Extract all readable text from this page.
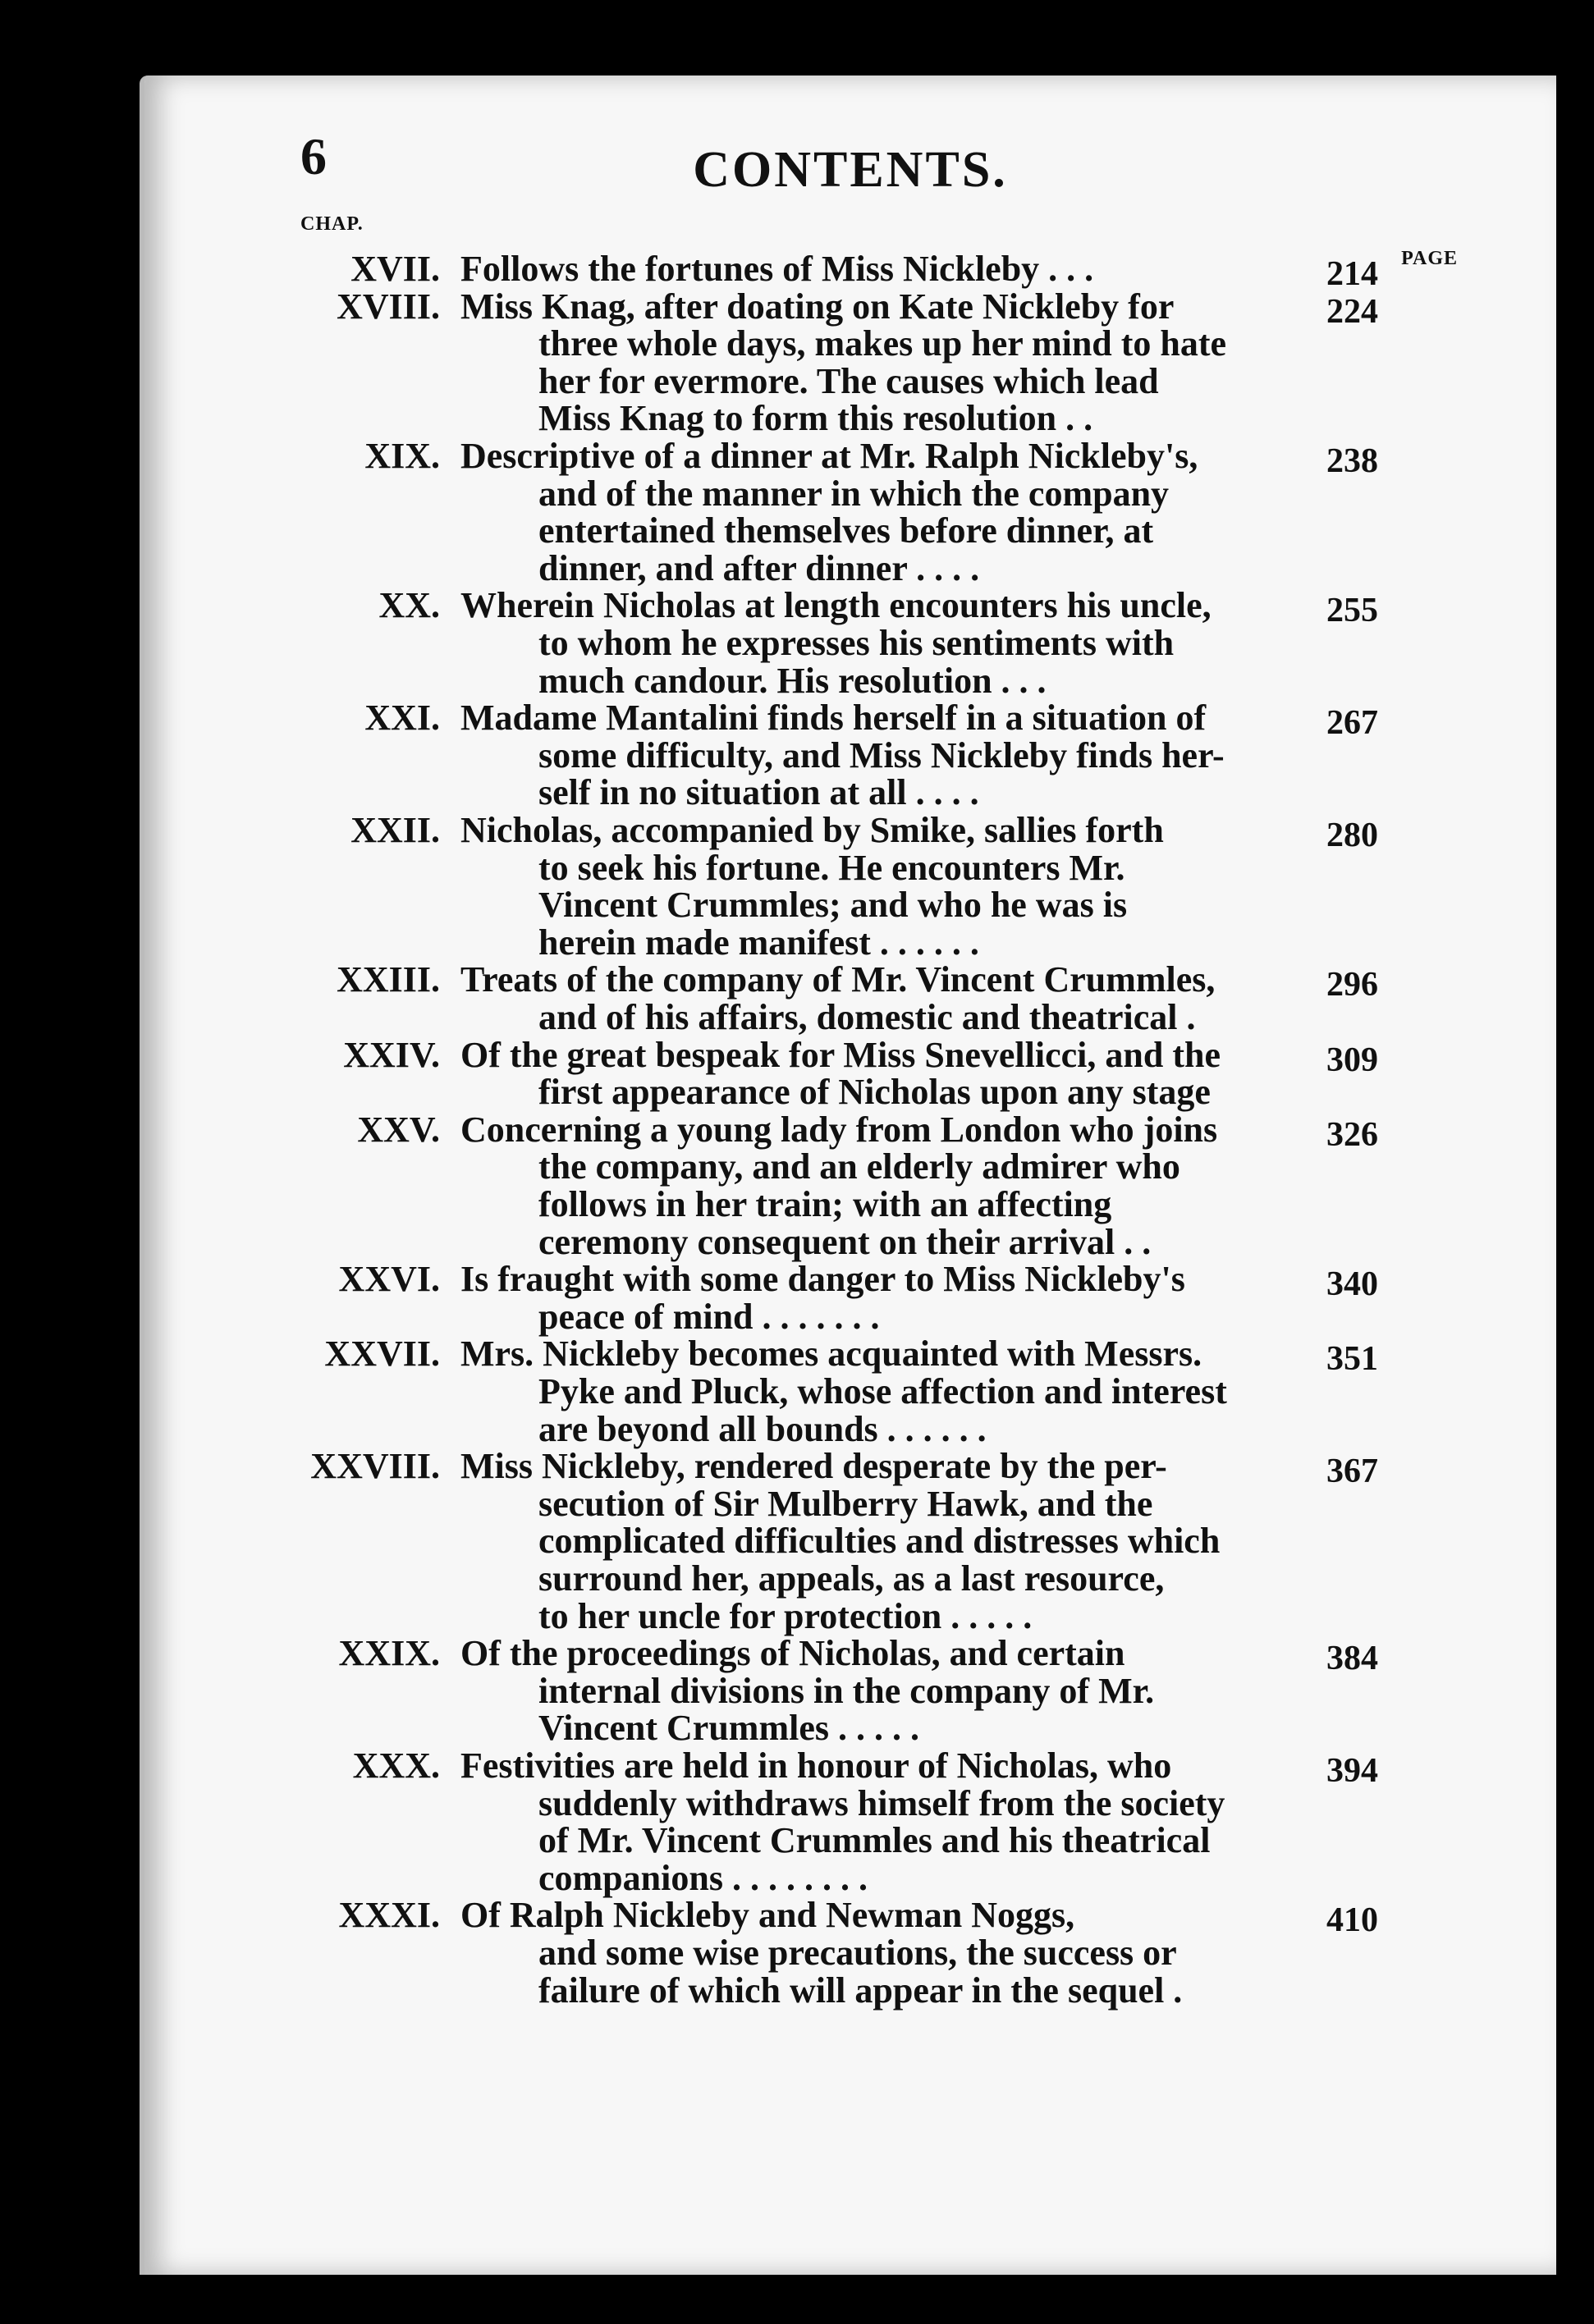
6	CONTENTS.
CHAP.
PAGE
XVII. Follows the fortunes of Miss Nickleby . . .	214
XVIII. Miss Knag, after doating on Kate Nickleby for
three whole days, makes up her mind to hate
her for evermore. The causes which lead
Miss Knag to form this resolution . .
224
XIX. Descriptive of a dinner at Mr. Ralph Nickleby's,
and of the manner in which the company
entertained themselves before dinner, at
dinner, and after dinner . . . .
238
XX. Wherein Nicholas at length encounters his uncle,
to whom he expresses his sentiments with
much candour. His resolution . . .
255
XXI. Madame Mantalini finds herself in a situation of
some difficulty, and Miss Nickleby finds her-
self in no situation at all . . . .
267
XXII. Nicholas, accompanied by Smike, sallies forth
to seek his fortune. He encounters Mr.
Vincent Crummles; and who he was is
herein made manifest . . . . . .
280
XXIII. Treats of the company of Mr. Vincent Crummles,
and of his affairs, domestic and theatrical .
296
XXIV. Of the great bespeak for Miss Snevellicci, and the
first appearance of Nicholas upon any stage
309
XXV. Concerning a young lady from London who joins
the company, and an elderly admirer who
follows in her train; with an affecting
ceremony consequent on their arrival . .
326
XXVI. Is fraught with some danger to Miss Nickleby's
peace of mind . . . . . . .
340
XXVII. Mrs. Nickleby becomes acquainted with Messrs.
Pyke and Pluck, whose affection and interest
are beyond all bounds . . . . . .
351
XXVIII. Miss Nickleby, rendered desperate by the per-
secution of Sir Mulberry Hawk, and the
complicated difficulties and distresses which
surround her, appeals, as a last resource,
to her uncle for protection . . . . .
367
XXIX. Of the proceedings of Nicholas, and certain
internal divisions in the company of Mr.
Vincent Crummles . . . . .
384
XXX. Festivities are held in honour of Nicholas, who
suddenly withdraws himself from the society
of Mr. Vincent Crummles and his theatrical
companions . . . . . . . .
394
XXXI. Of Ralph Nickleby and Newman Noggs,
and some wise precautions, the success or
failure of which will appear in the sequel .
410
